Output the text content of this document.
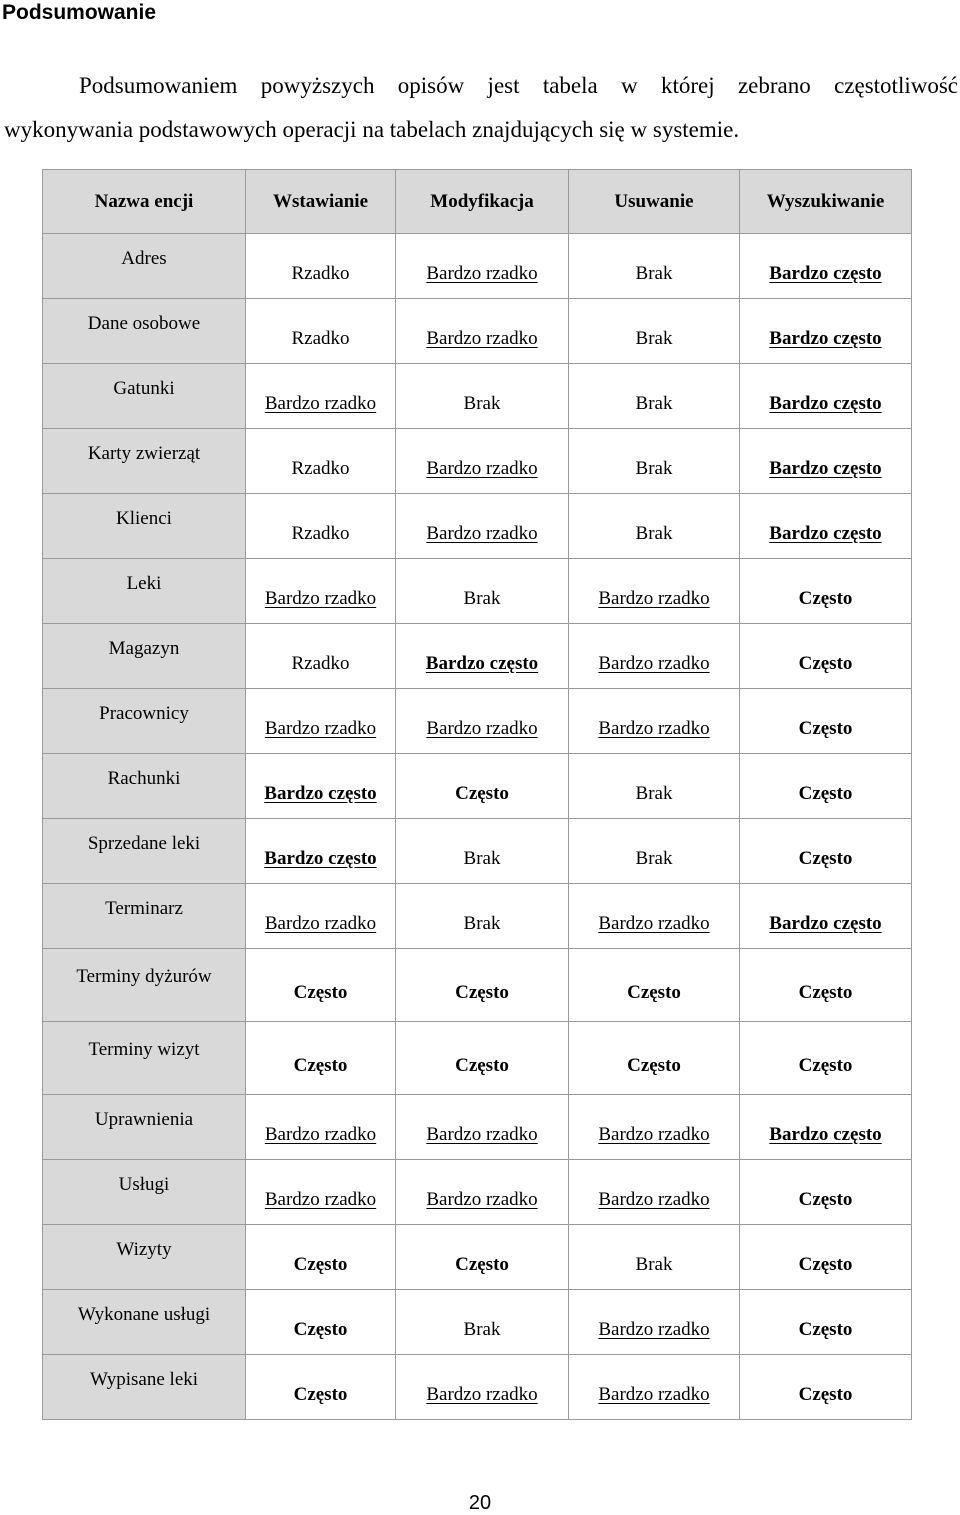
Podsumowanie
Podsumowaniem powyższych opisów jest tabela w której zebrano częstotliwość
wykonywania podstawowych operacji na tabelach znajdujących się w systemie.
Nazwa encji	Wstawianie	Modyfikacja	Usuwanie	Wyszukiwanie
Adres	Rzadko	Bardzo rzadko	Brak	Bardzo często
Dane osobowe	Rzadko	Bardzo rzadko	Brak	Bardzo często
Gatunki	Bardzo rzadko	Brak	Brak	Bardzo często
Karty zwierząt	Rzadko	Bardzo rzadko	Brak	Bardzo często
Klienci	Rzadko	Bardzo rzadko	Brak	Bardzo często
Leki	Bardzo rzadko	Brak	Bardzo rzadko	Często
Magazyn	Rzadko	Bardzo często	Bardzo rzadko	Często
Pracownicy	Bardzo rzadko	Bardzo rzadko	Bardzo rzadko	Często
Rachunki	Bardzo często	Często	Brak	Często
Sprzedane leki	Bardzo często	Brak	Brak	Często
Terminarz	Bardzo rzadko	Brak	Bardzo rzadko	Bardzo często
Terminy dyżurów	Często	Często	Często	Często
Terminy wizyt	Często	Często	Często	Często
Uprawnienia	Bardzo rzadko	Bardzo rzadko	Bardzo rzadko	Bardzo często
Usługi	Bardzo rzadko	Bardzo rzadko	Bardzo rzadko	Często
Wizyty	Często	Często	Brak	Często
Wykonane usługi	Często	Brak	Bardzo rzadko	Często
Wypisane leki	Często	Bardzo rzadko	Bardzo rzadko	Często
20
